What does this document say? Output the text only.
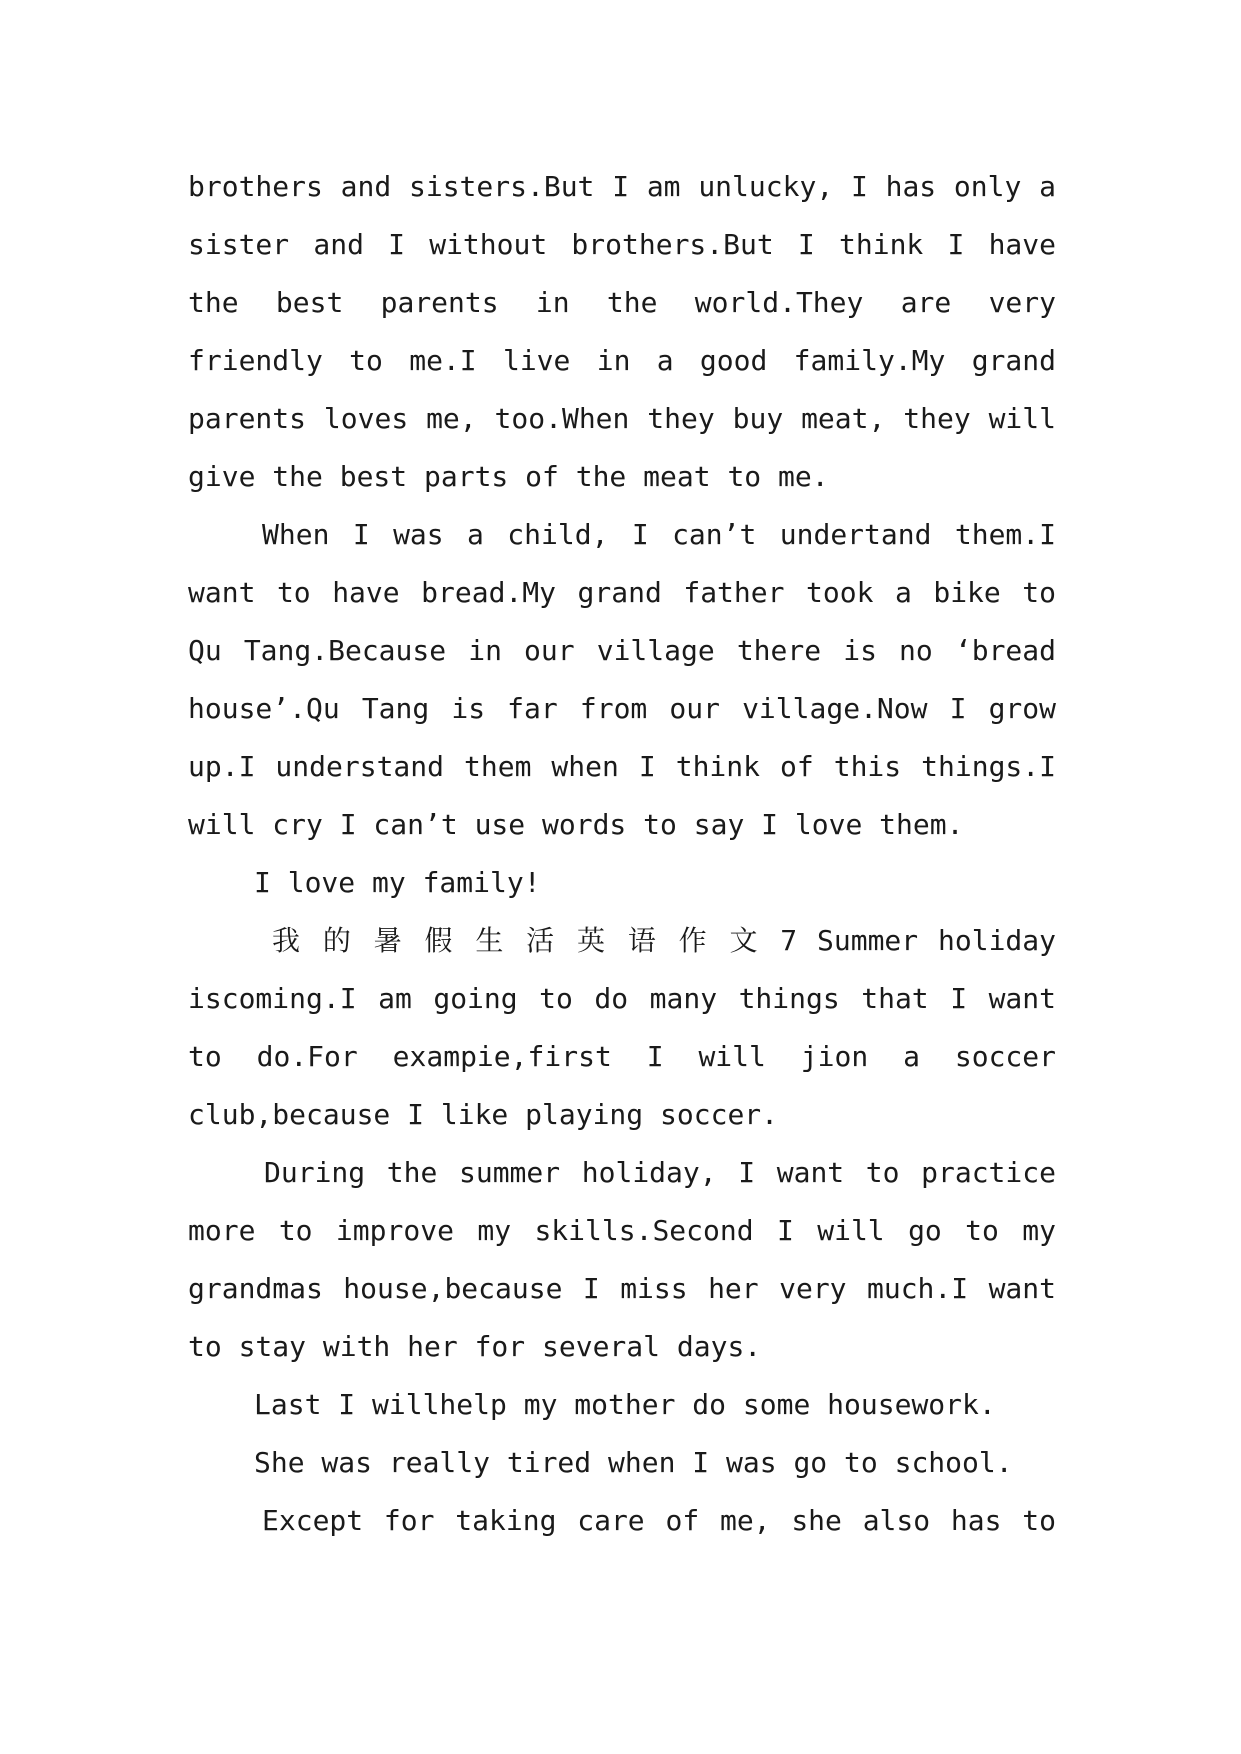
brothers and sisters.But I am unlucky, I has only a
sister and I without brothers.But I think I have
the best parents in the world.They are very
friendly to me.I live in a good family.My grand
parents loves me, too.When they buy meat, they will
give the best parts of the meat to me.
When I was a child, I can’t undertand them.I
want to have bread.My grand father took a bike to
Qu Tang.Because in our village there is no ‘bread
house’.Qu Tang is far from our village.Now I grow
up.I understand them when I think of this things.I
will cry I can’t use words to say I love them.
I love my family!
我 的 暑 假 生 活 英 语 作 文 7 Summer holiday
iscoming.I am going to do many things that I want
to do.For exampie,first I will jion a soccer
club,because I like playing soccer.
During the summer holiday, I want to practice
more to improve my skills.Second I will go to my
grandmas house,because I miss her very much.I want
to stay with her for several days.
Last I willhelp my mother do some housework.
She was really tired when I was go to school.
Except for taking care of me, she also has to
